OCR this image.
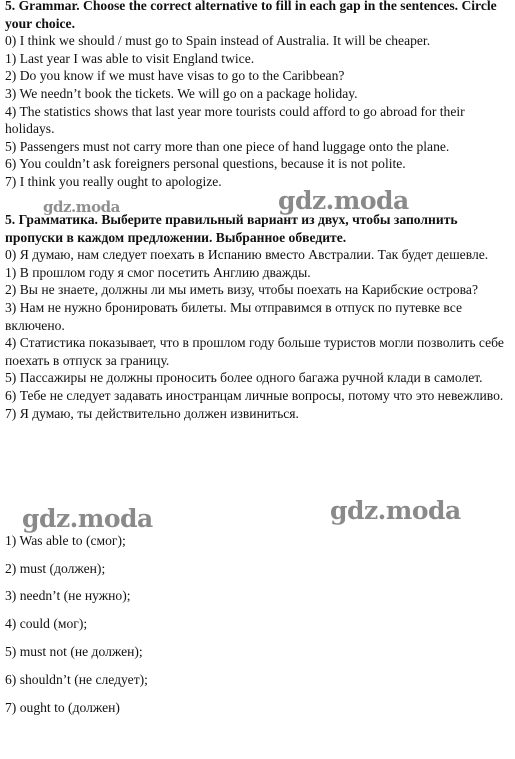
5. Grammar. Choose the correct alternative to fill in each gap in the sentences. Circle your choice.
0) I think we should / must go to Spain instead of Australia. It will be cheaper.
1) Last year I was able to visit England twice.
2) Do you know if we must have visas to go to the Caribbean?
3) We needn’t book the tickets. We will go on a package holiday.
4) The statistics shows that last year more tourists could afford to go abroad for their holidays.
5) Passengers must not carry more than one piece of hand luggage onto the plane.
6) You couldn’t ask foreigners personal questions, because it is not polite.
7) I think you really ought to apologize.
5. Грамматика. Выберите правильный вариант из двух, чтобы заполнить пропуски в каждом предложении. Выбранное обведите.
0) Я думаю, нам следует поехать в Испанию вместо Австралии. Так будет дешевле.
1) В прошлом году я смог посетить Англию дважды.
2) Вы не знаете, должны ли мы иметь визу, чтобы поехать на Карибские острова?
3) Нам не нужно бронировать билеты. Мы отправимся в отпуск по путевке все включено.
4) Статистика показывает, что в прошлом году больше туристов могли позволить себе поехать в отпуск за границу.
5) Пассажиры не должны проносить более одного багажа ручной клади в самолет.
6) Тебе не следует задавать иностранцам личные вопросы, потому что это невежливо.
7) Я думаю, ты действительно должен извиниться.
gdz.moda	gdz.moda
gdz.moda	gdz.moda
1) Was able to (смог);
2) must (должен);
3) needn’t (не нужно);
4) could (мог);
5) must not (не должен);
6) shouldn’t (не следует);
7) ought to (должен)
